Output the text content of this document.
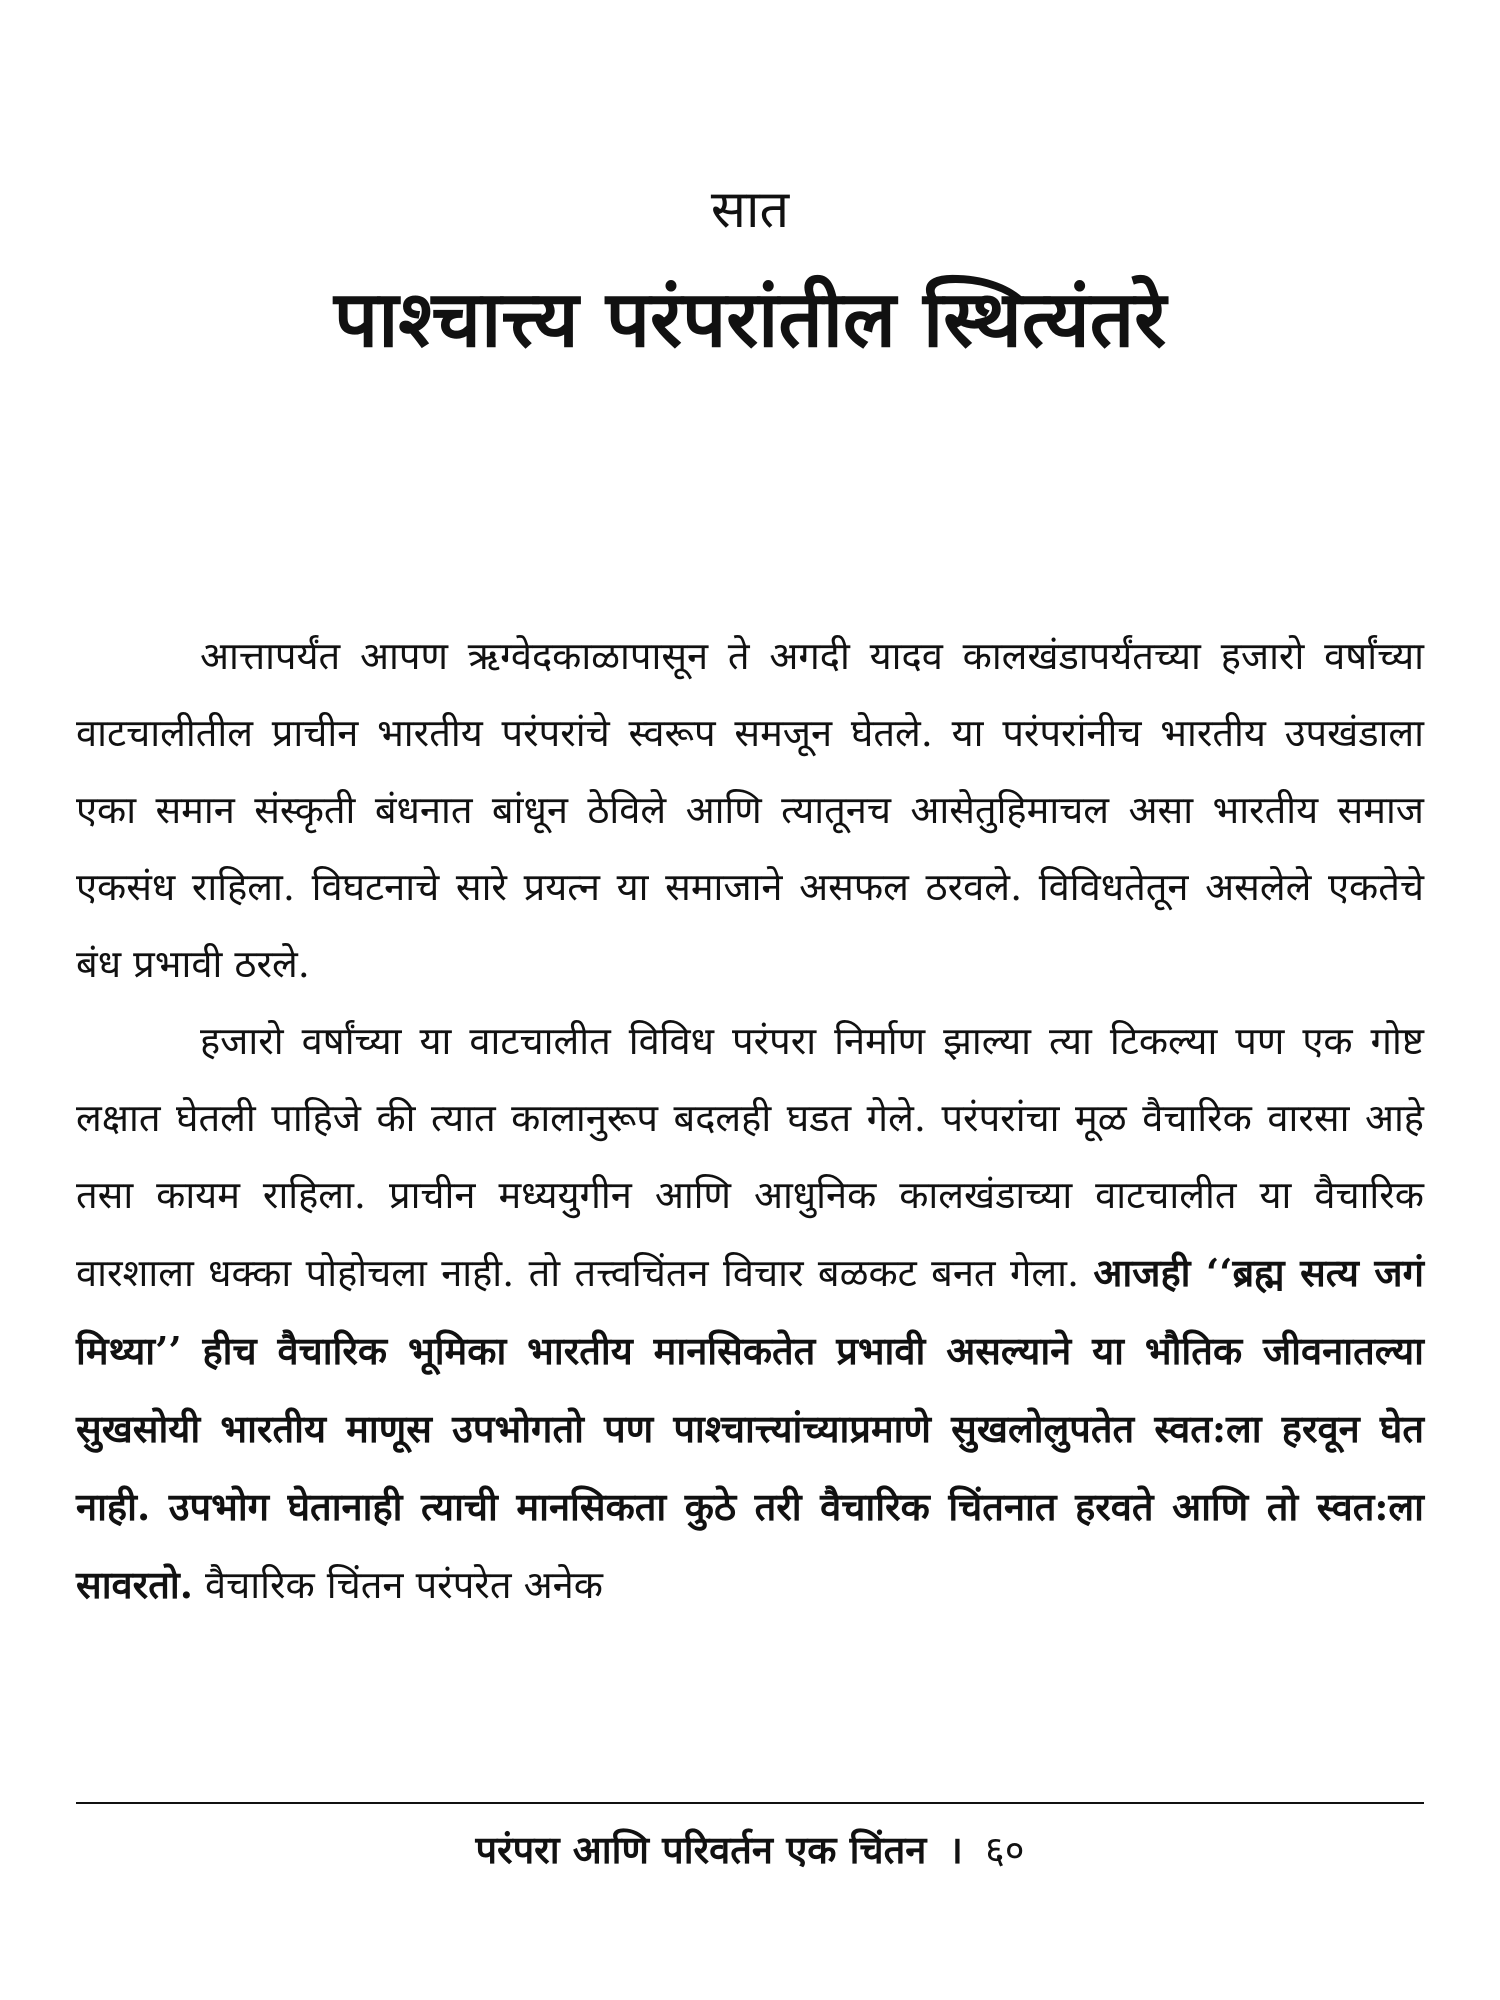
सात
पाश्चात्त्य परंपरांतील स्थित्यंतरे

आत्तापर्यंत आपण ऋग्वेदकाळापासून ते अगदी यादव कालखंडापर्यंतच्या हजारो वर्षांच्या वाटचालीतील प्राचीन भारतीय परंपरांचे स्वरूप समजून घेतले. या परंपरांनीच भारतीय उपखंडाला एका समान संस्कृती बंधनात बांधून ठेविले आणि त्यातूनच आसेतुहिमाचल असा भारतीय समाज एकसंध राहिला. विघटनाचे सारे प्रयत्न या समाजाने असफल ठरवले. विविधतेतून असलेले एकतेचे बंध प्रभावी ठरले.

हजारो वर्षांच्या या वाटचालीत विविध परंपरा निर्माण झाल्या त्या टिकल्या पण एक गोष्ट लक्षात घेतली पाहिजे की त्यात कालानुरूप बदलही घडत गेले. परंपरांचा मूळ वैचारिक वारसा आहे तसा कायम राहिला. प्राचीन मध्ययुगीन आणि आधुनिक कालखंडाच्या वाटचालीत या वैचारिक वारशाला धक्का पोहोचला नाही. तो तत्त्वचिंतन विचार बळकट बनत गेला. आजही ‘‘ब्रह्म सत्य जगं मिथ्या’’ हीच वैचारिक भूमिका भारतीय मानसिकतेत प्रभावी असल्याने या भौतिक जीवनातल्या सुखसोयी भारतीय माणूस उपभोगतो पण पाश्चात्त्यांच्याप्रमाणे सुखलोलुपतेत स्वत:ला हरवून घेत नाही. उपभोग घेतानाही त्याची मानसिकता कुठे तरी वैचारिक चिंतनात हरवते आणि तो स्वत:ला सावरतो. वैचारिक चिंतन परंपरेत अनेक

परंपरा आणि परिवर्तन एक चिंतन । ६०
